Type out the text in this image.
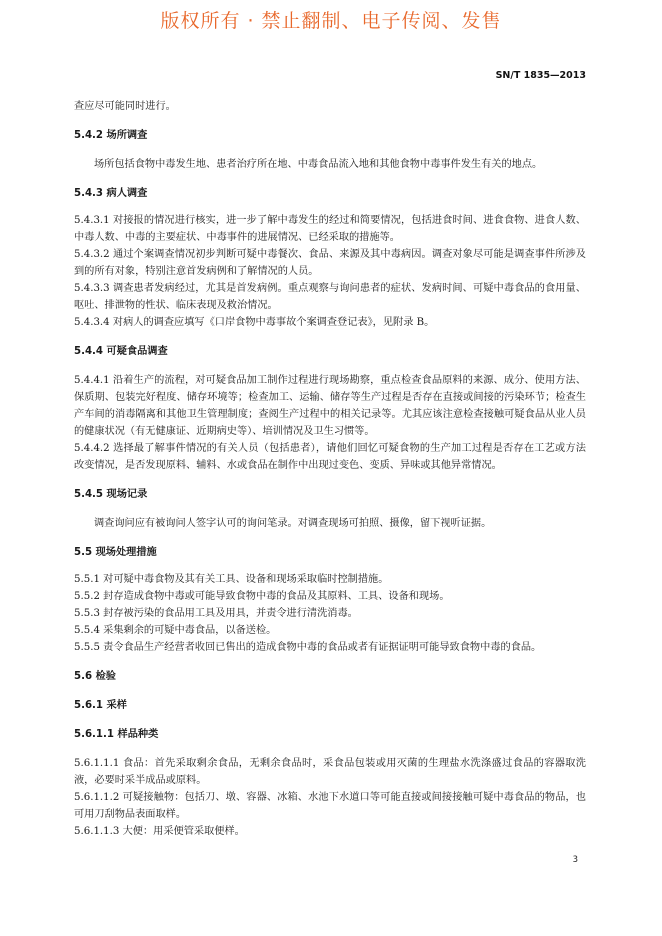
版权所有 · 禁止翻制、电子传阅、发售
SN/T 1835—2013

查应尽可能同时进行。

5.4.2 场所调查

场所包括食物中毒发生地、患者治疗所在地、中毒食品流入地和其他食物中毒事件发生有关的地点。

5.4.3 病人调查

5.4.3.1 对接报的情况进行核实，进一步了解中毒发生的经过和简要情况，包括进食时间、进食食物、进食人数、中毒人数、中毒的主要症状、中毒事件的进展情况、已经采取的措施等。

5.4.3.2 通过个案调查情况初步判断可疑中毒餐次、食品、来源及其中毒病因。调查对象尽可能是调查事件所涉及到的所有对象，特别注意首发病例和了解情况的人员。

5.4.3.3 调查患者发病经过，尤其是首发病例。重点观察与询问患者的症状、发病时间、可疑中毒食品的食用量、呕吐、排泄物的性状、临床表现及救治情况。

5.4.3.4 对病人的调查应填写《口岸食物中毒事故个案调查登记表》，见附录 B。

5.4.4 可疑食品调查

5.4.4.1 沿着生产的流程，对可疑食品加工制作过程进行现场勘察，重点检查食品原料的来源、成分、使用方法、保质期、包装完好程度、储存环境等；检查加工、运输、储存等生产过程是否存在直接或间接的污染环节；检查生产车间的消毒隔离和其他卫生管理制度；查阅生产过程中的相关记录等。尤其应该注意检查接触可疑食品从业人员的健康状况（有无健康证、近期病史等）、培训情况及卫生习惯等。

5.4.4.2 选择最了解事件情况的有关人员（包括患者），请他们回忆可疑食物的生产加工过程是否存在工艺或方法改变情况，是否发现原料、辅料、水或食品在制作中出现过变色、变质、异味或其他异常情况。

5.4.5 现场记录

调查询问应有被询问人签字认可的询问笔录。对调查现场可拍照、摄像，留下视听证据。

5.5 现场处理措施

5.5.1 对可疑中毒食物及其有关工具、设备和现场采取临时控制措施。

5.5.2 封存造成食物中毒或可能导致食物中毒的食品及其原料、工具、设备和现场。

5.5.3 封存被污染的食品用工具及用具，并责令进行清洗消毒。

5.5.4 采集剩余的可疑中毒食品，以备送检。

5.5.5 责令食品生产经营者收回已售出的造成食物中毒的食品或者有证据证明可能导致食物中毒的食品。

5.6 检验

5.6.1 采样

5.6.1.1 样品种类

5.6.1.1.1 食品：首先采取剩余食品，无剩余食品时，采食品包装或用灭菌的生理盐水洗涤盛过食品的容器取洗液，必要时采半成品或原料。

5.6.1.1.2 可疑接触物：包括刀、墩、容器、冰箱、水池下水道口等可能直接或间接接触可疑中毒食品的物品，也可用刀刮物品表面取样。

5.6.1.1.3 大便：用采便管采取便样。

3
